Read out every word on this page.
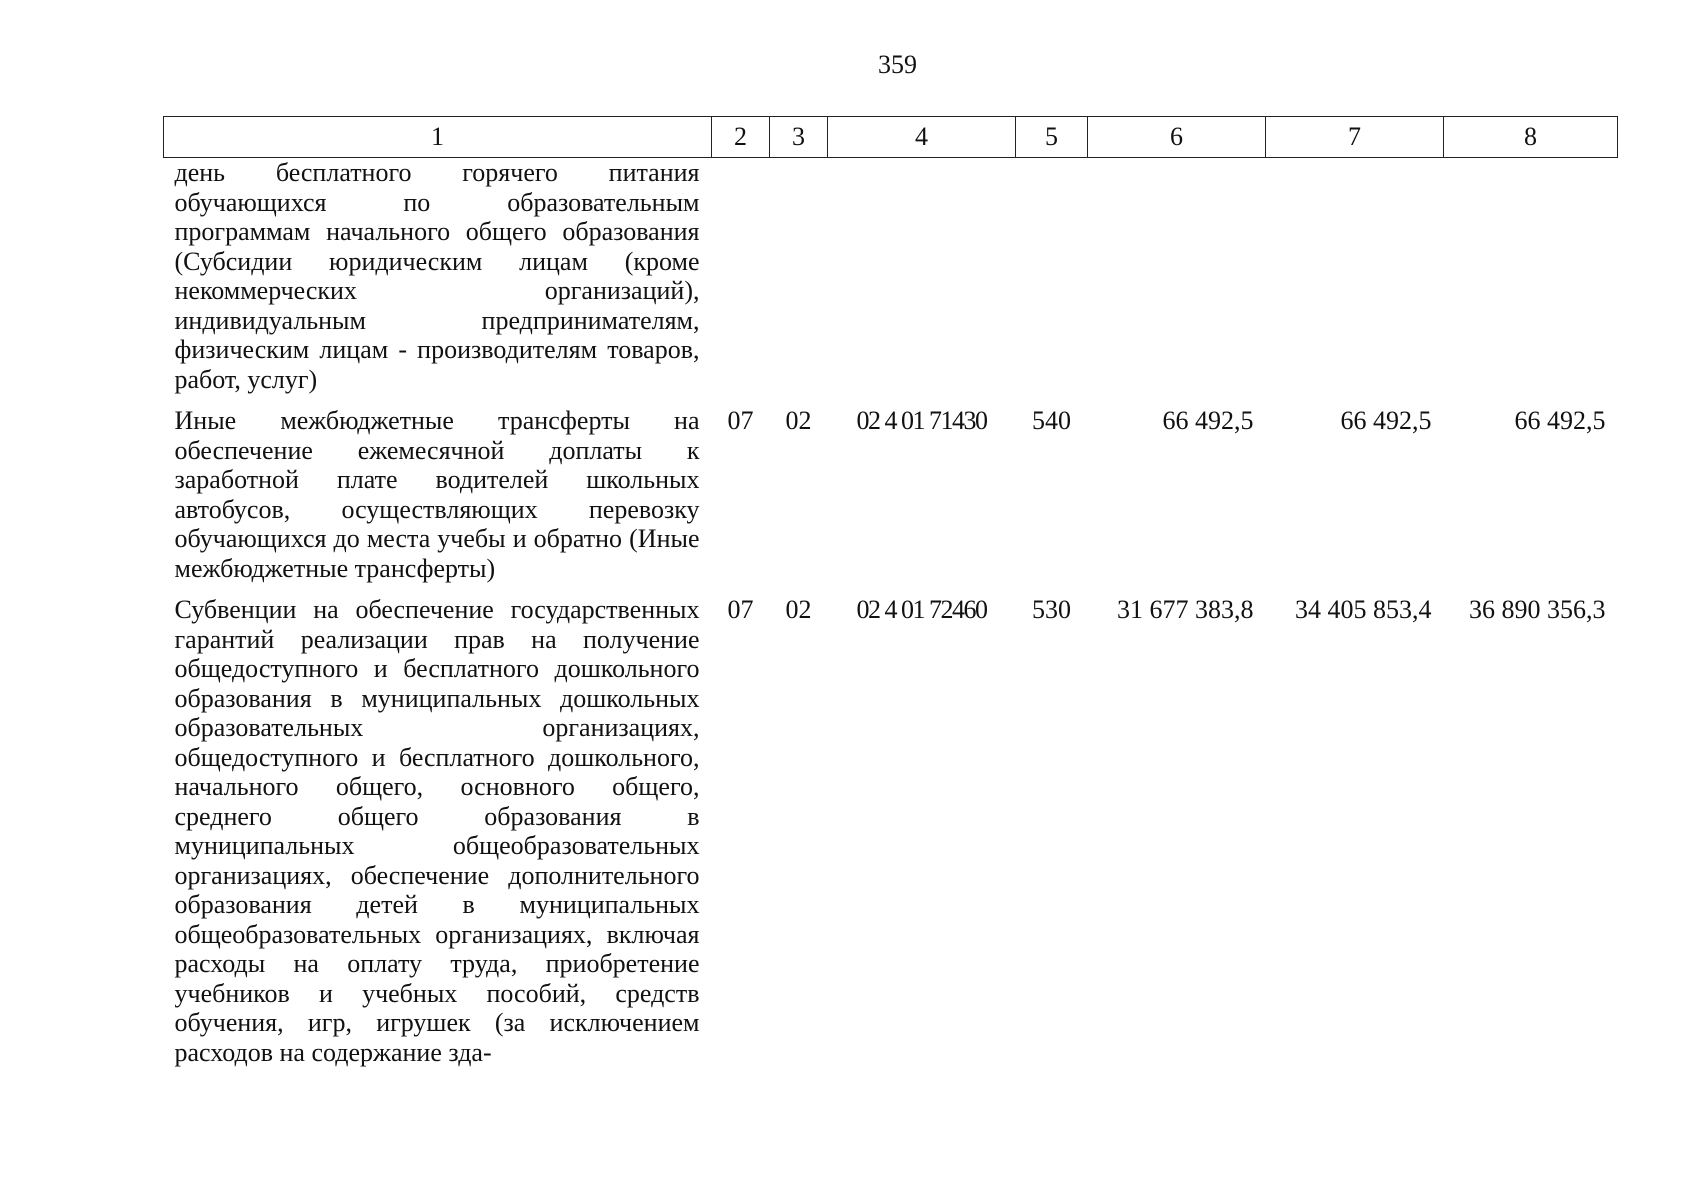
359
1	2	3	4	5	6	7	8
день бесплатного горячего питания обучающихся по образовательным программам начального общего образования (Субсидии юридическим лицам (кроме некоммерческих организаций), индивидуальным предпринимателям, физическим лицам - производителям товаров, работ, услуг)							
Иные межбюджетные трансферты на обеспечение ежемесячной доплаты к заработной плате водителей школьных автобусов, осуществляющих перевозку обучающихся до места учебы и обратно (Иные межбюджетные трансферты)	07	02	02 4 01 71430	540	66 492,5	66 492,5	66 492,5
Субвенции на обеспечение государственных гарантий реализации прав на получение общедоступного и бесплатного дошкольного образования в муниципальных дошкольных образовательных организациях, общедоступного и бесплатного дошкольного, начального общего, основного общего, среднего общего образования в муниципальных общеобразовательных организациях, обеспечение дополнительного образования детей в муниципальных общеобразовательных организациях, включая расходы на оплату труда, приобретение учебников и учебных пособий, средств обучения, игр, игрушек (за исключением расходов на содержание зда-	07	02	02 4 01 72460	530	31 677 383,8	34 405 853,4	36 890 356,3
